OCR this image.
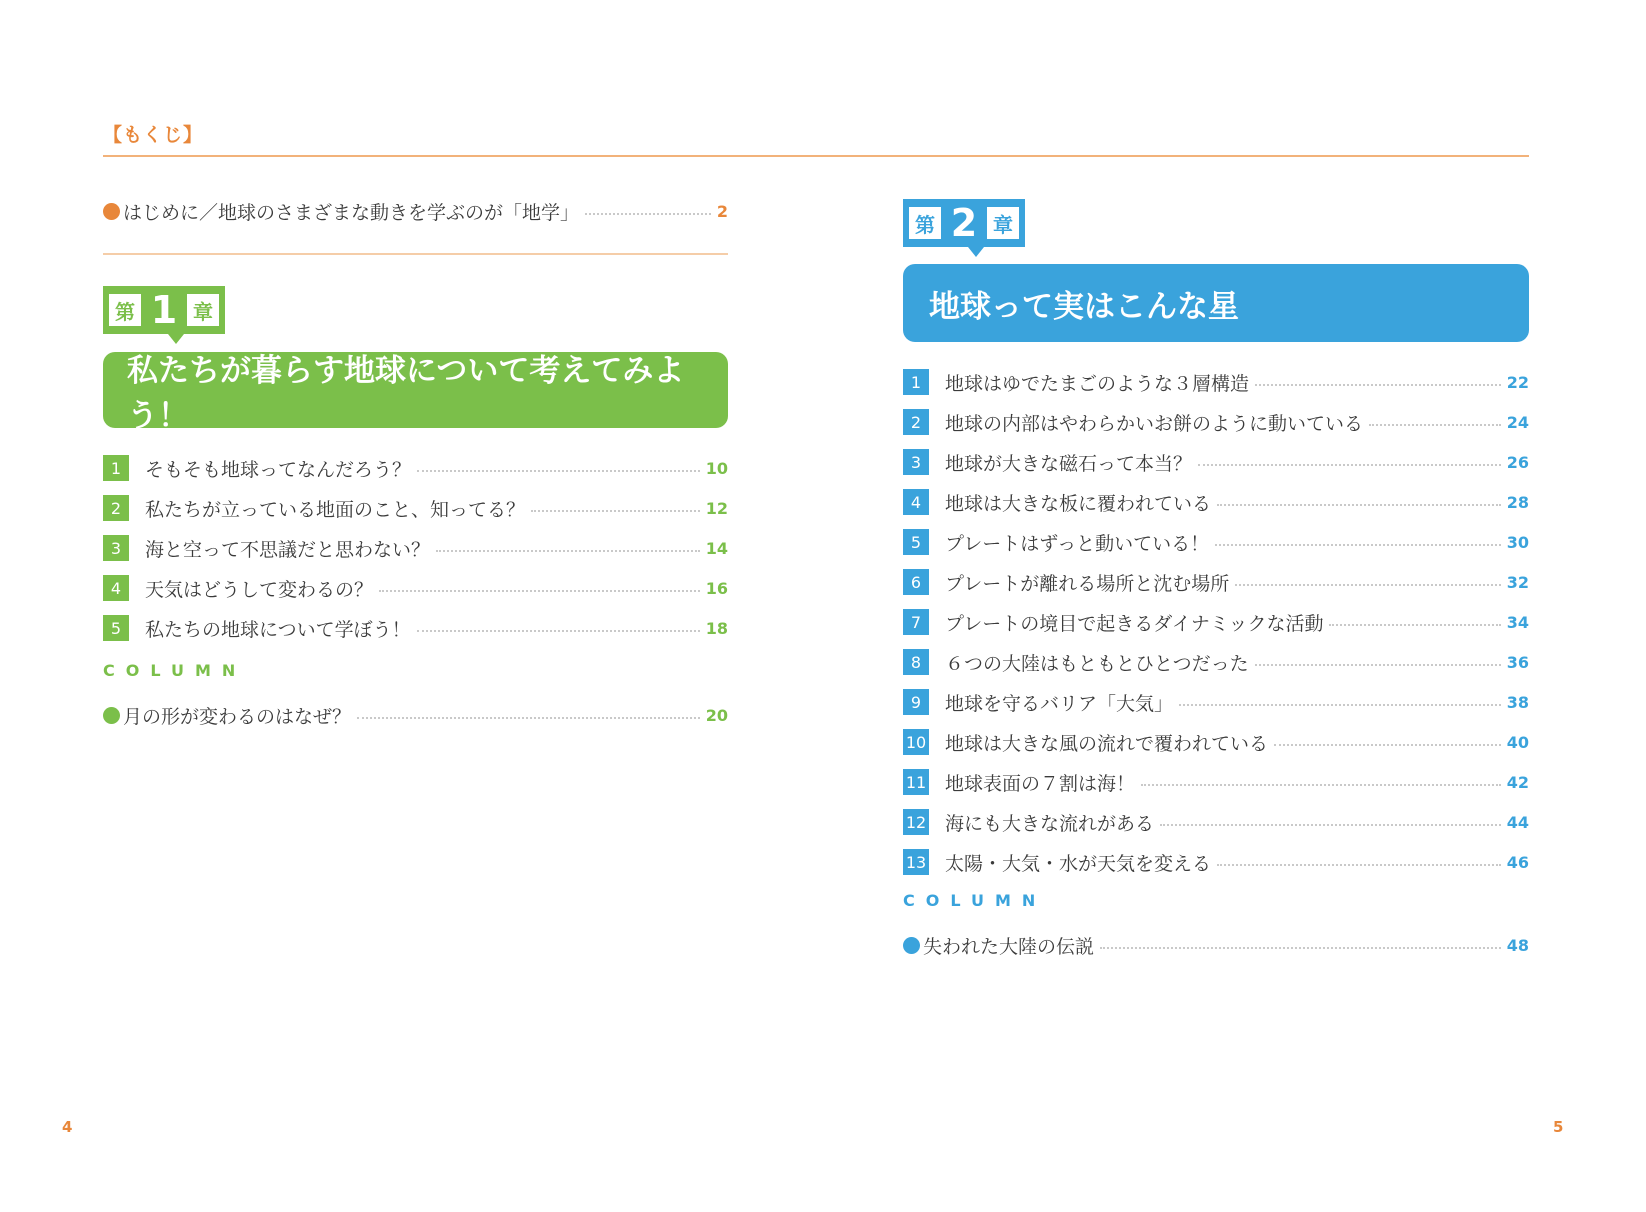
【もくじ】
はじめに／地球のさまざまな動きを学ぶのが「地学」	2
第 1 章
私たちが暮らす地球について考えてみよう！
1	そもそも地球ってなんだろう？	10
2	私たちが立っている地面のこと、知ってる？	12
3	海と空って不思議だと思わない？	14
4	天気はどうして変わるの？	16
5	私たちの地球について学ぼう！	18
COLUMN
月の形が変わるのはなぜ？	20
第 2 章
地球って実はこんな星
1	地球はゆでたまごのような３層構造	22
2	地球の内部はやわらかいお餅のように動いている	24
3	地球が大きな磁石って本当？	26
4	地球は大きな板に覆われている	28
5	プレートはずっと動いている！	30
6	プレートが離れる場所と沈む場所	32
7	プレートの境目で起きるダイナミックな活動	34
8	６つの大陸はもともとひとつだった	36
9	地球を守るバリア「大気」	38
10 地球は大きな風の流れで覆われている	40
11 地球表面の７割は海！	42
12 海にも大きな流れがある	44
13 太陽・大気・水が天気を変える	46
COLUMN
失われた大陸の伝説	48
4	5
